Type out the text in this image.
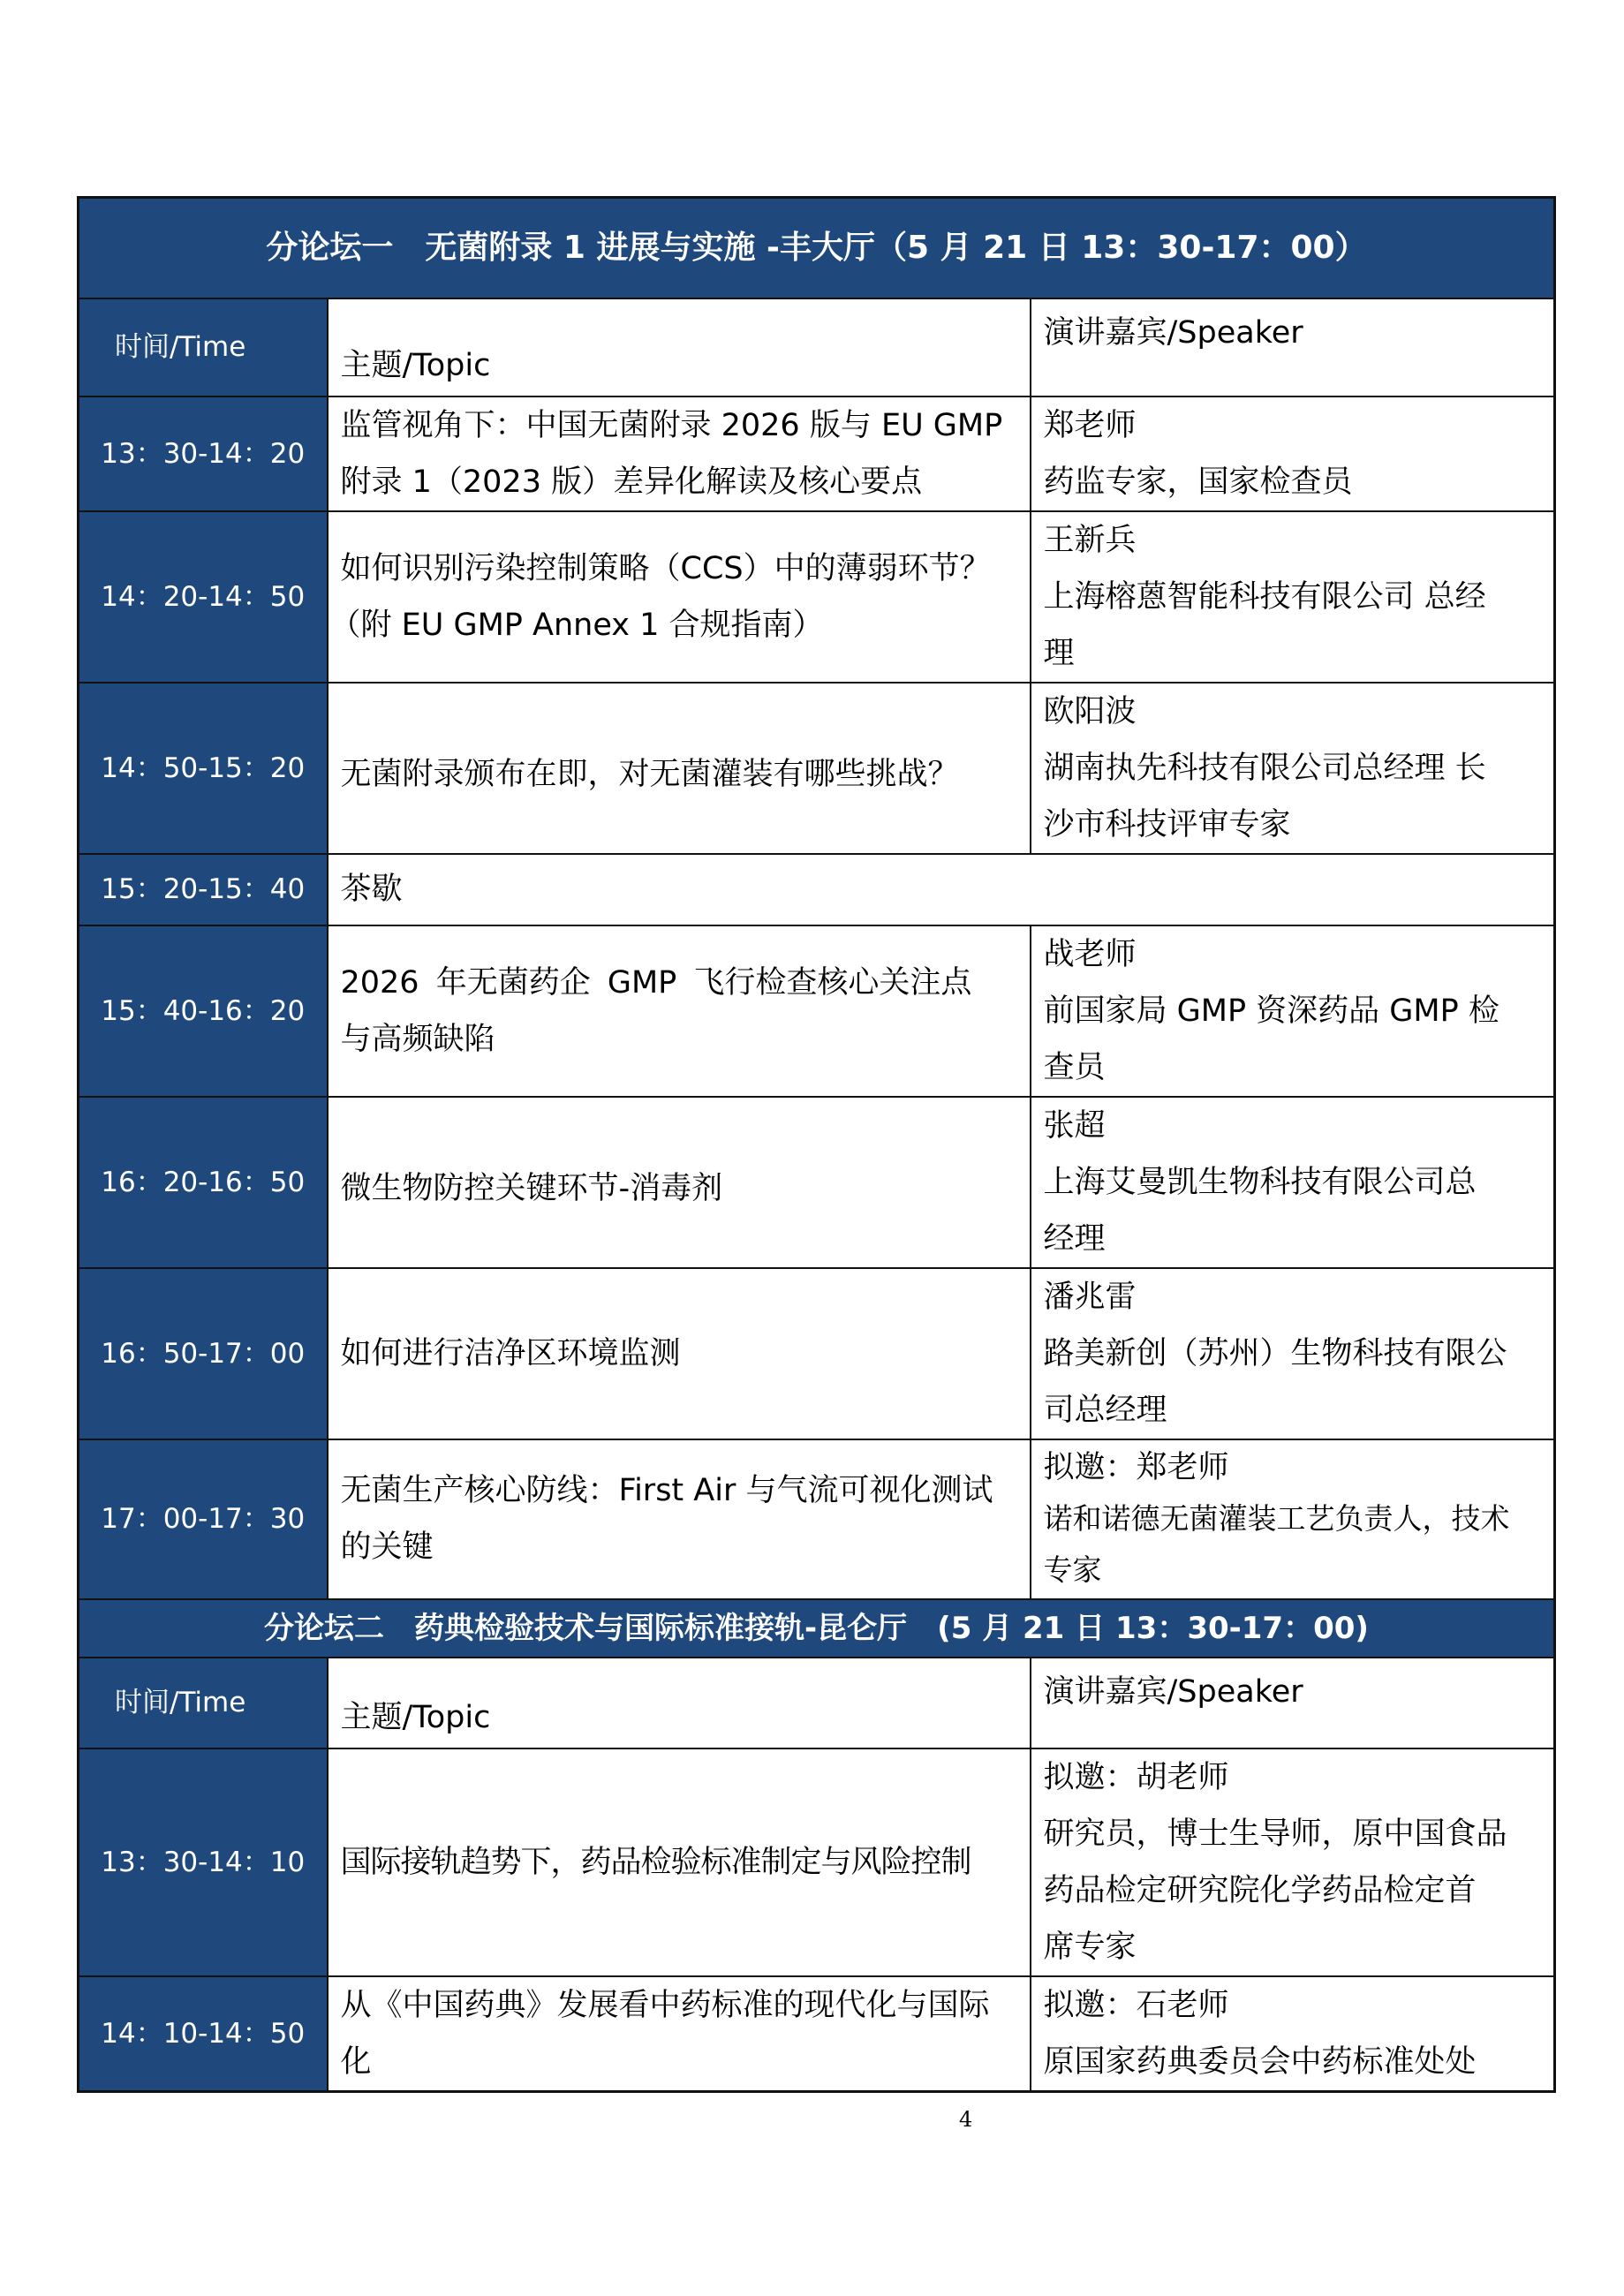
分论坛一　无菌附录 1 进展与实施 -丰大厅（5 月 21 日 13：30-17：00）		
时间/Time	主题/Topic	演讲嘉宾/Speaker
13：30-14：20	监管视角下：中国无菌附录 2026 版与 EU GMP
附录 1（2023 版）差异化解读及核心要点	郑老师
药监专家，国家检查员

14：20-14：50	如何识别污染控制策略（CCS）中的薄弱环节？
（附 EU GMP Annex 1 合规指南）	王新兵
上海榕蒽智能科技有限公司 总经
理

14：50-15：20	无菌附录颁布在即，对无菌灌装有哪些挑战？	欧阳波
湖南执先科技有限公司总经理 长
沙市科技评审专家

15：20-15：40	茶歇	
15：40-16：20	2026 年无菌药企 GMP 飞行检查核心关注点
与高频缺陷	战老师
前国家局 GMP 资深药品 GMP 检
查员

16：20-16：50	微生物防控关键环节-消毒剂	张超
上海艾曼凯生物科技有限公司总
经理

16：50-17：00	如何进行洁净区环境监测	潘兆雷
路美新创（苏州）生物科技有限公
司总经理

17：00-17：30	无菌生产核心防线：First Air 与气流可视化测试
的关键	拟邀：郑老师
诺和诺德无菌灌装工艺负责人，技术
专家

分论坛二　药典检验技术与国际标准接轨-昆仑厅　(5 月 21 日 13：30-17：00)		
时间/Time	主题/Topic	演讲嘉宾/Speaker
13：30-14：10	国际接轨趋势下，药品检验标准制定与风险控制	拟邀：胡老师
研究员，博士生导师，原中国食品
药品检定研究院化学药品检定首
席专家

14：10-14：50	从《中国药典》发展看中药标准的现代化与国际
化	拟邀：石老师
原国家药典委员会中药标准处处
4
